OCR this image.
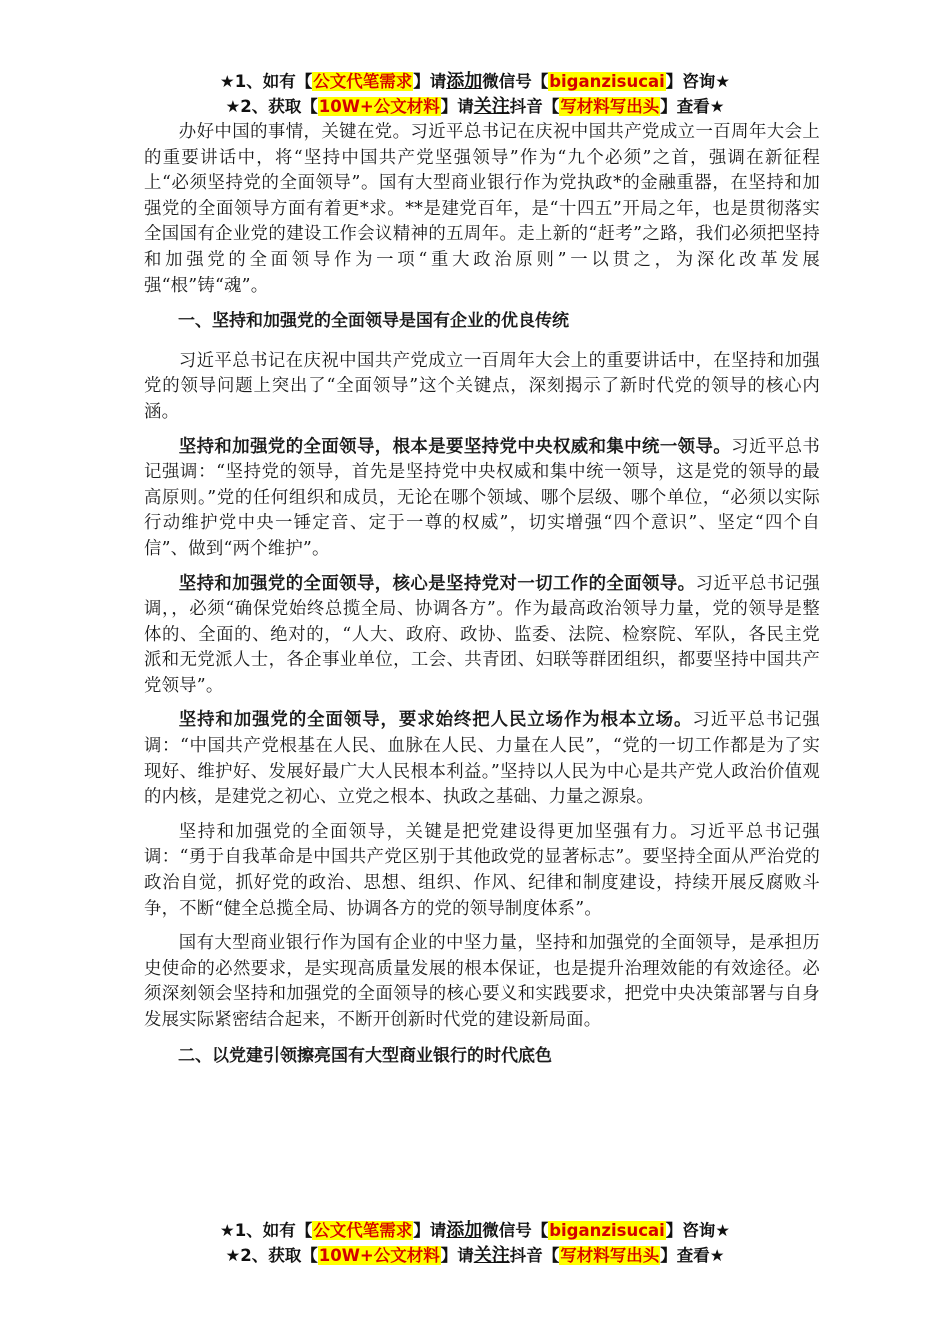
★1、如有【公文代笔需求】请添加微信号【biganzisucai】咨询★
★2、获取【10W+公文材料】请关注抖音【写材料写出头】查看★

办好中国的事情，关键在党。习近平总书记在庆祝中国共产党成立一百周年大会上的重要讲话中，将“坚持中国共产党坚强领导”作为“九个必须”之首，强调在新征程上“必须坚持党的全面领导”。国有大型商业银行作为党执政*的金融重器，在坚持和加强党的全面领导方面有着更*求。**是建党百年，是“十四五”开局之年，也是贯彻落实全国国有企业党的建设工作会议精神的五周年。走上新的“赶考”之路，我们必须把坚持和加强党的全面领导作为一项“重大政治原则”一以贯之，为深化改革发展强“根”铸“魂”。

一、坚持和加强党的全面领导是国有企业的优良传统

习近平总书记在庆祝中国共产党成立一百周年大会上的重要讲话中，在坚持和加强党的领导问题上突出了“全面领导”这个关键点，深刻揭示了新时代党的领导的核心内涵。

坚持和加强党的全面领导，根本是要坚持党中央权威和集中统一领导。习近平总书记强调：“坚持党的领导，首先是坚持党中央权威和集中统一领导，这是党的领导的最高原则。”党的任何组织和成员，无论在哪个领域、哪个层级、哪个单位，“必须以实际行动维护党中央一锤定音、定于一尊的权威”，切实增强“四个意识”、坚定“四个自信”、做到“两个维护”。

坚持和加强党的全面领导，核心是坚持党对一切工作的全面领导。习近平总书记强调，，必须“确保党始终总揽全局、协调各方”。作为最高政治领导力量，党的领导是整体的、全面的、绝对的，“人大、政府、政协、监委、法院、检察院、军队，各民主党派和无党派人士，各企事业单位，工会、共青团、妇联等群团组织，都要坚持中国共产党领导”。

坚持和加强党的全面领导，要求始终把人民立场作为根本立场。习近平总书记强调：“中国共产党根基在人民、血脉在人民、力量在人民”，“党的一切工作都是为了实现好、维护好、发展好最广大人民根本利益。”坚持以人民为中心是共产党人政治价值观的内核，是建党之初心、立党之根本、执政之基础、力量之源泉。

坚持和加强党的全面领导，关键是把党建设得更加坚强有力。习近平总书记强调：“勇于自我革命是中国共产党区别于其他政党的显著标志”。要坚持全面从严治党的政治自觉，抓好党的政治、思想、组织、作风、纪律和制度建设，持续开展反腐败斗争，不断“健全总揽全局、协调各方的党的领导制度体系”。

国有大型商业银行作为国有企业的中坚力量，坚持和加强党的全面领导，是承担历史使命的必然要求，是实现高质量发展的根本保证，也是提升治理效能的有效途径。必须深刻领会坚持和加强党的全面领导的核心要义和实践要求，把党中央决策部署与自身发展实际紧密结合起来，不断开创新时代党的建设新局面。

二、以党建引领擦亮国有大型商业银行的时代底色

★1、如有【公文代笔需求】请添加微信号【biganzisucai】咨询★
★2、获取【10W+公文材料】请关注抖音【写材料写出头】查看★
